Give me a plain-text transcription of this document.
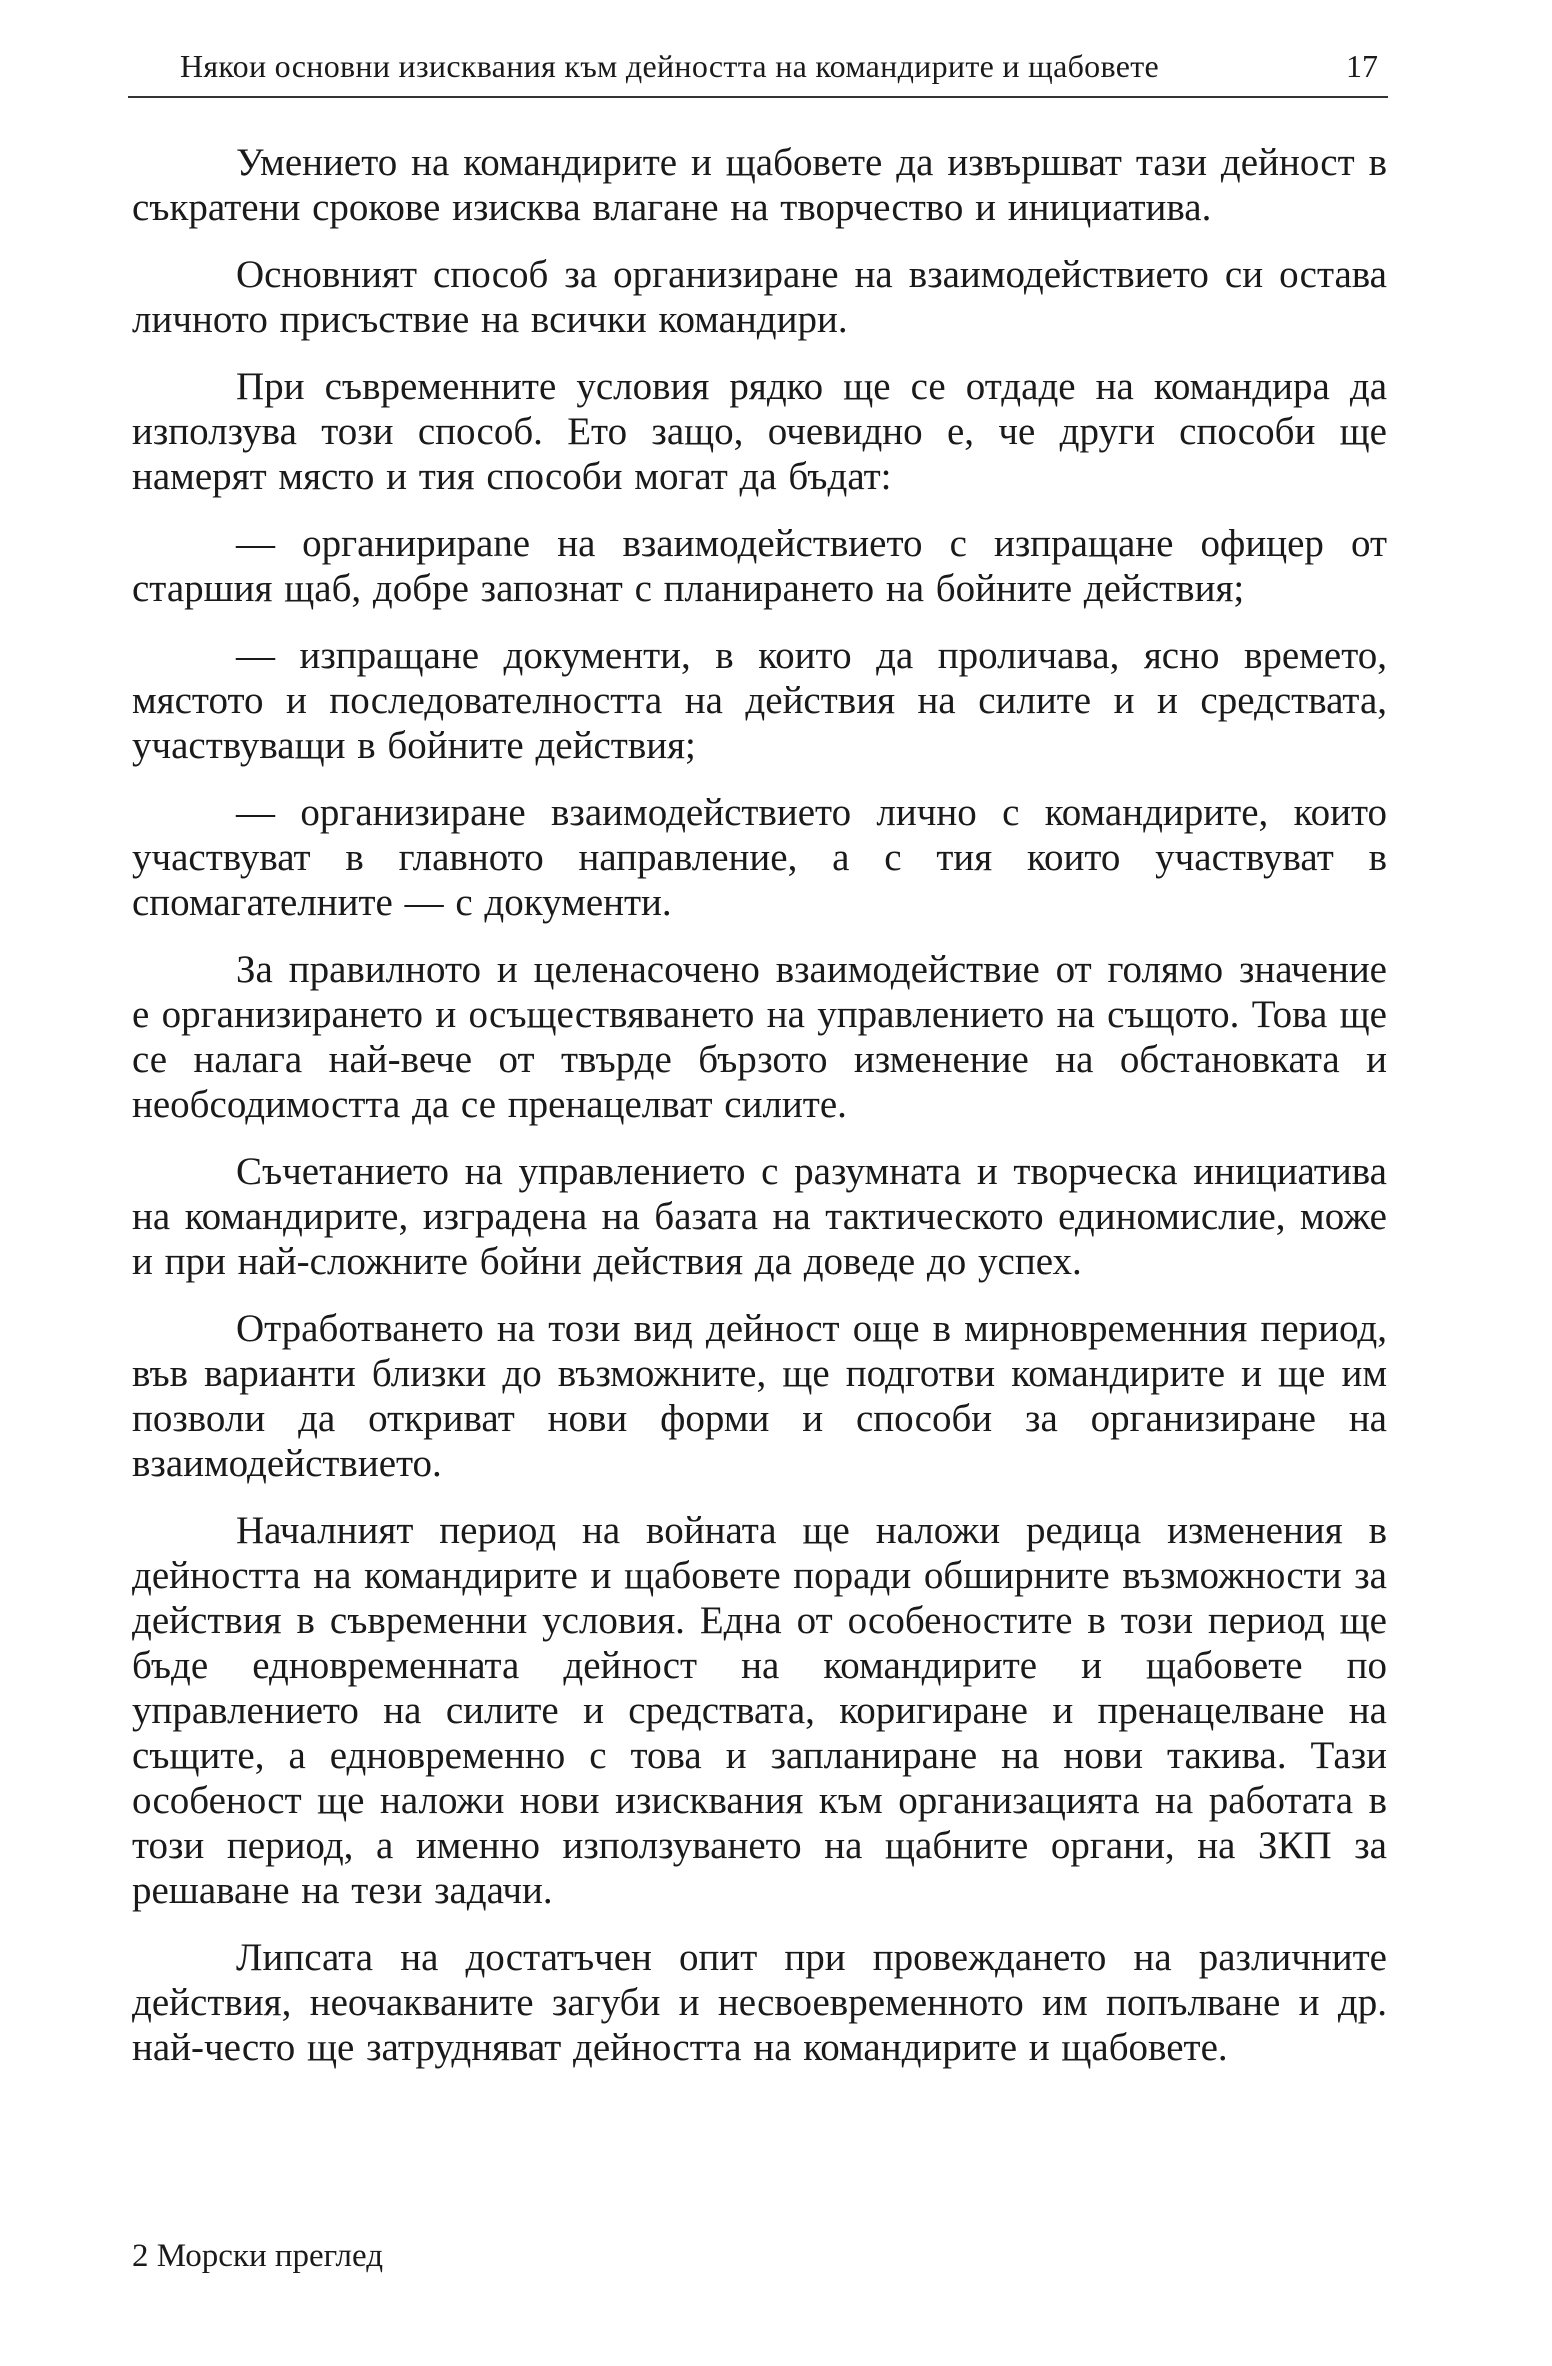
Някои основни изисквания към дейността на командирите и щабовете	17

Умението на командирите и щабовете да извършват тази дейност в съкратени срокове изисква влагане на творчество и инициатива.

Основният способ за организиране на взаимодействието си остава личното присъствие на всички командири.

При съвременните условия рядко ще се отдаде на командира да използува този способ. Ето защо, очевидно е, че други способи ще намерят място и тия способи могат да бъдат:

— органирираne на взаимодействието с изпращане офицер от старшия щаб, добре запознат с планирането на бойните действия;

— изпращане документи, в които да проличава, ясно времето, мястото и последователността на действия на силите и и средствата, участвуващи в бойните действия;

— организиране взаимодействието лично с командирите, които участвуват в главното направление, а с тия които участвуват в спомагателните — с документи.

За правилното и целенасочено взаимодействие от голямо значение е организирането и осъществяването на управлението на същото. Това ще се налага най-вече от твърде бързото изменение на обстановката и необсодимостта да се пренацелват силите.

Съчетанието на управлението с разумната и творческа инициатива на командирите, изградена на базата на тактическото единомислие, може и при най-сложните бойни действия да доведе до успех.

Отработването на този вид дейност още в мирновременния период, във варианти близки до възможните, ще подготви командирите и ще им позволи да откриват нови форми и способи за организиране на взаимодействието.

Началният период на войната ще наложи редица изменения в дейността на командирите и щабовете поради обширните възможности за действия в съвременни условия. Една от особеностите в този период ще бъде едновременната дейност на командирите и щабовете по управлението на силите и средствата, коригиране и пренацелване на същите, а едновременно с това и запланиране на нови такива. Тази особеност ще наложи нови изисквания към организацията на работата в този период, а именно използуването на щабните органи, на ЗКП за решаване на тези задачи.

Липсата на достатъчен опит при провеждането на различните действия, неочакваните загуби и несвоевременното им попълване и др. най-често ще затрудняват дейността на командирите и щабовете.

2 Морски преглед
